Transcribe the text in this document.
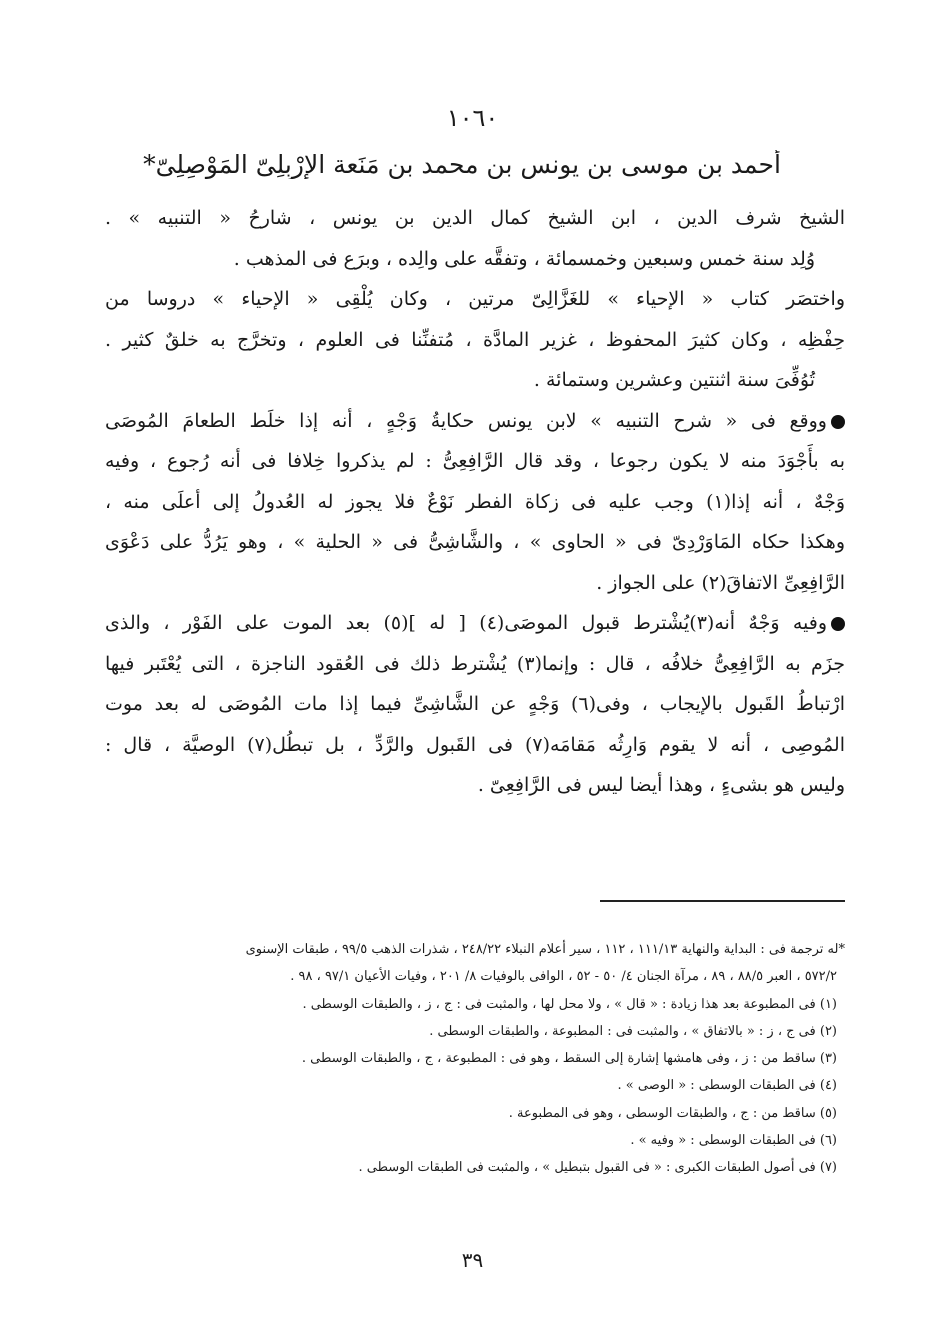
١٠٦٠
أحمد بن موسى بن يونس بن محمد بن مَنَعة الإرْبِلِىّ المَوْصِلِىّ*
الشيخ شرف الدين ، ابن الشيخ كمال الدين بن يونس ، شارحُ « التنبيه » .
وُلِد سنة خمس وسبعين وخمسمائة ، وتفقَّه على والِده ، وبرَع فى المذهب .
واختصَر كتاب « الإحياء » للغَزَّالِىّ مرتين ، وكان يُلْقِى « الإحياء » دروسا من
حِفْظِه ، وكان كثيرَ المحفوظ ، غزير المادَّة ، مُتفنِّنا فى العلوم ، وتخرَّج به خلقٌ كثير .
تُوُفِّىَ سنة اثنتين وعشرين وستمائة .
ووقع فى « شرح التنبيه » لابن يونس حكايةُ وَجْهٍ ، أنه إذا خلَط الطعامَ المُوصَى
به بأَجْوَدَ منه لا يكون رجوعا ، وقد قال الرَّافِعِىُّ : لم يذكروا خِلافا فى أنه رُجوع ، وفيه
وَجْهٌ ، أنه إذا(١) وجب عليه فى زكاة الفطر نَوْعٌ فلا يجوز له العُدولُ إلى أعلَى منه ،
وهكذا حكاه المَاوَرْدِىّ فى « الحاوى » ، والشَّاشِىُّ فى « الحلية » ، وهو يَرُدُّ على دَعْوَى
الرَّافِعِىِّ الاتفاقَ(٢) على الجواز .
وفيه وَجْهٌ أنه(٣)يُشْترط قبول الموصَى(٤) [ له ](٥) بعد الموت على الفَوْر ، والذى
جزَم به الرَّافِعِىُّ خلافُه ، قال : وإنما(٣) يُشْترط ذلك فى العُقود الناجزة ، التى يُعْتَبر فيها
ارْتباطُ القَبول بالإيجاب ، وفى(٦) وَجْهٍ عن الشَّاشِىِّ فيما إذا مات المُوصَى له بعد موت
المُوصِى ، أنه لا يقوم وَارِثُه مَقامَه(٧) فى القَبول والرَّدِّ ، بل تبطُل(٧) الوصيَّة ، قال :
وليس هو بشىءٍ ، وهذا أيضا ليس فى الرَّافِعِىّ .
*له ترجمة فى : البداية والنهاية ١١١/١٣ ، ١١٢ ، سير أعلام النبلاء ٢٤٨/٢٢ ، شذرات الذهب ٩٩/٥ ، طبقات الإسنوى
٥٧٢/٢ ، العبر ٨٨/٥ ، ٨٩ ، مرآة الجنان ٤/ ٥٠ - ٥٢ ، الوافى بالوفيات ٨/ ٢٠١ ، وفيات الأعيان ٩٧/١ ، ٩٨ .
(١) فى المطبوعة بعد هذا زيادة : « قال » ، ولا محل لها ، والمثبت فى : ج ، ز ، والطبقات الوسطى .
(٢) فى ج ، ز : « بالاتفاق » ، والمثبت فى : المطبوعة ، والطبقات الوسطى .
(٣) ساقط من : ز ، وفى هامشها إشارة إلى السقط ، وهو فى : المطبوعة ، ج ، والطبقات الوسطى .
(٤) فى الطبقات الوسطى : « الوصى » .
(٥) ساقط من : ج ، والطبقات الوسطى ، وهو فى المطبوعة .
(٦) فى الطبقات الوسطى : « وفيه » .
(٧) فى أصول الطبقات الكبرى : « فى القبول بتبطيل » ، والمثبت فى الطبقات الوسطى .
٣٩
